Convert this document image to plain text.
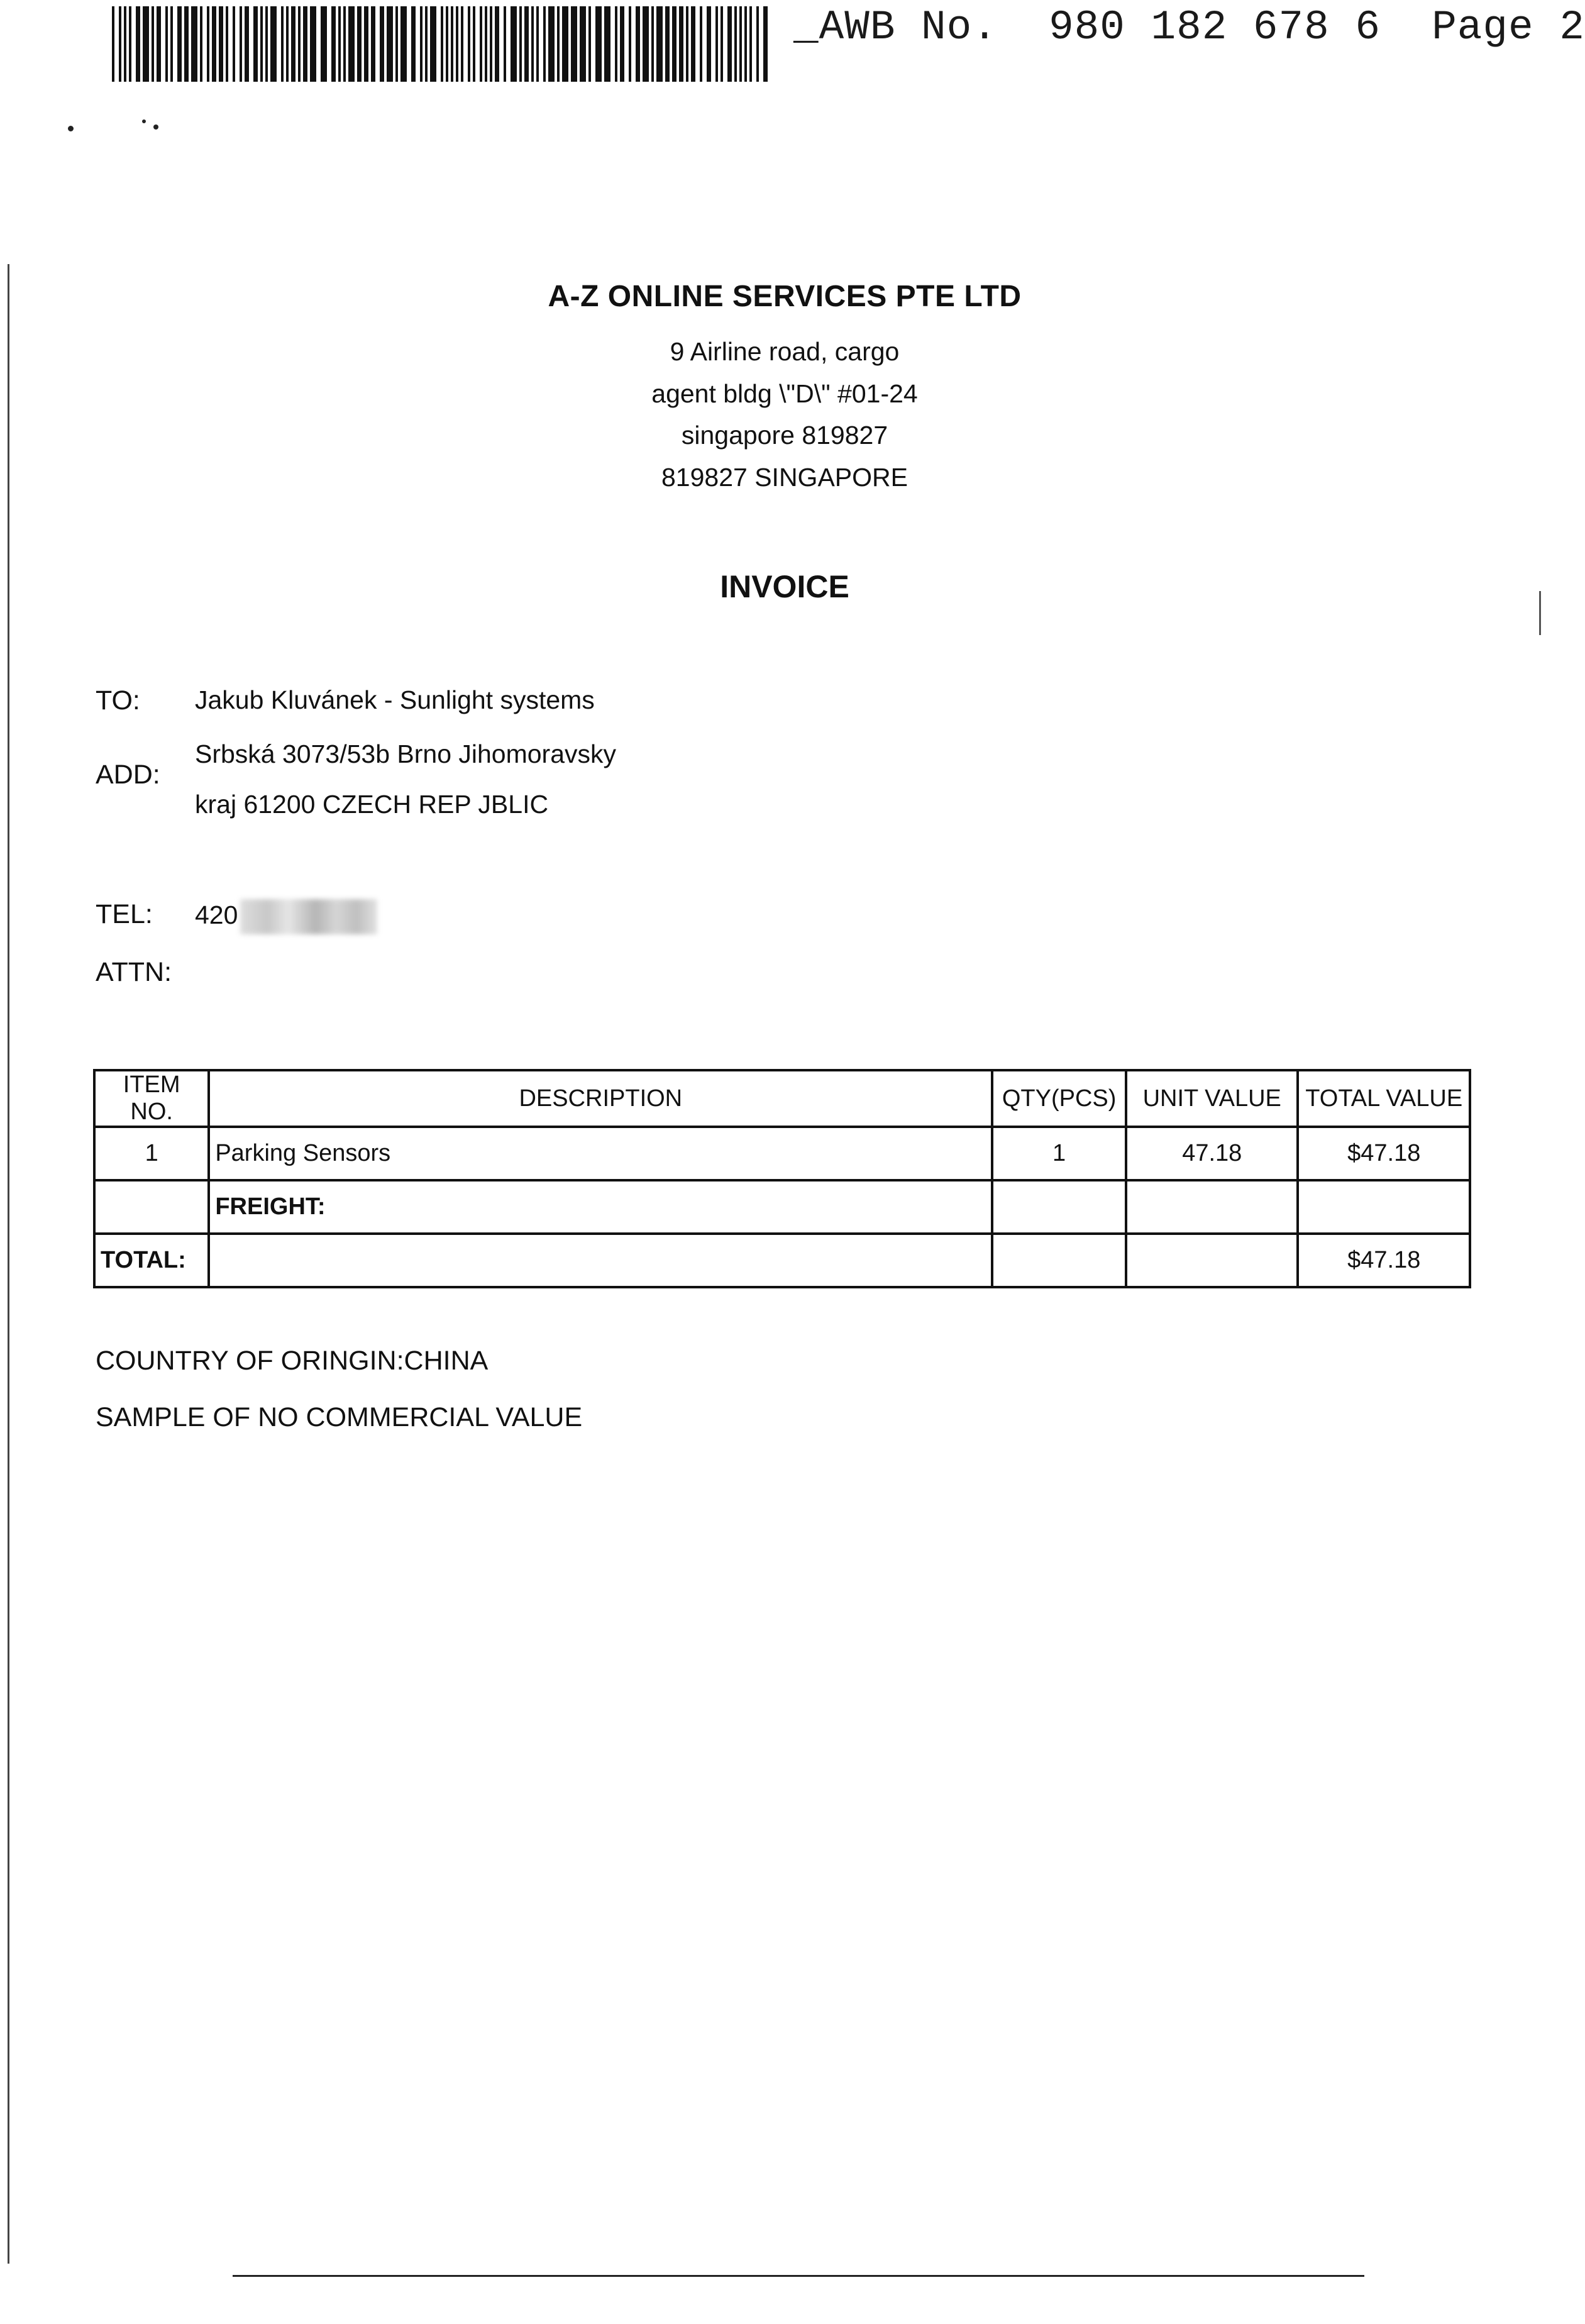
_AWB No. 980 182 678 6 Page 2
A-Z ONLINE SERVICES PTE LTD
9 Airline road, cargo
agent bldg \"D\" #01-24
singapore 819827
819827 SINGAPORE
INVOICE
TO: Jakub Kluvánek - Sunlight systems
ADD:
Srbská 3073/53b Brno Jihomoravsky
kraj 61200 CZECH REP JBLIC
TEL: 420
ATTN:
ITEM NO.	DESCRIPTION	QTY(PCS)	UNIT VALUE	TOTAL VALUE
1	Parking Sensors	1	47.18	$47.18
	FREIGHT:			
TOTAL:				$47.18
COUNTRY OF ORINGIN:CHINA
SAMPLE OF NO COMMERCIAL VALUE
